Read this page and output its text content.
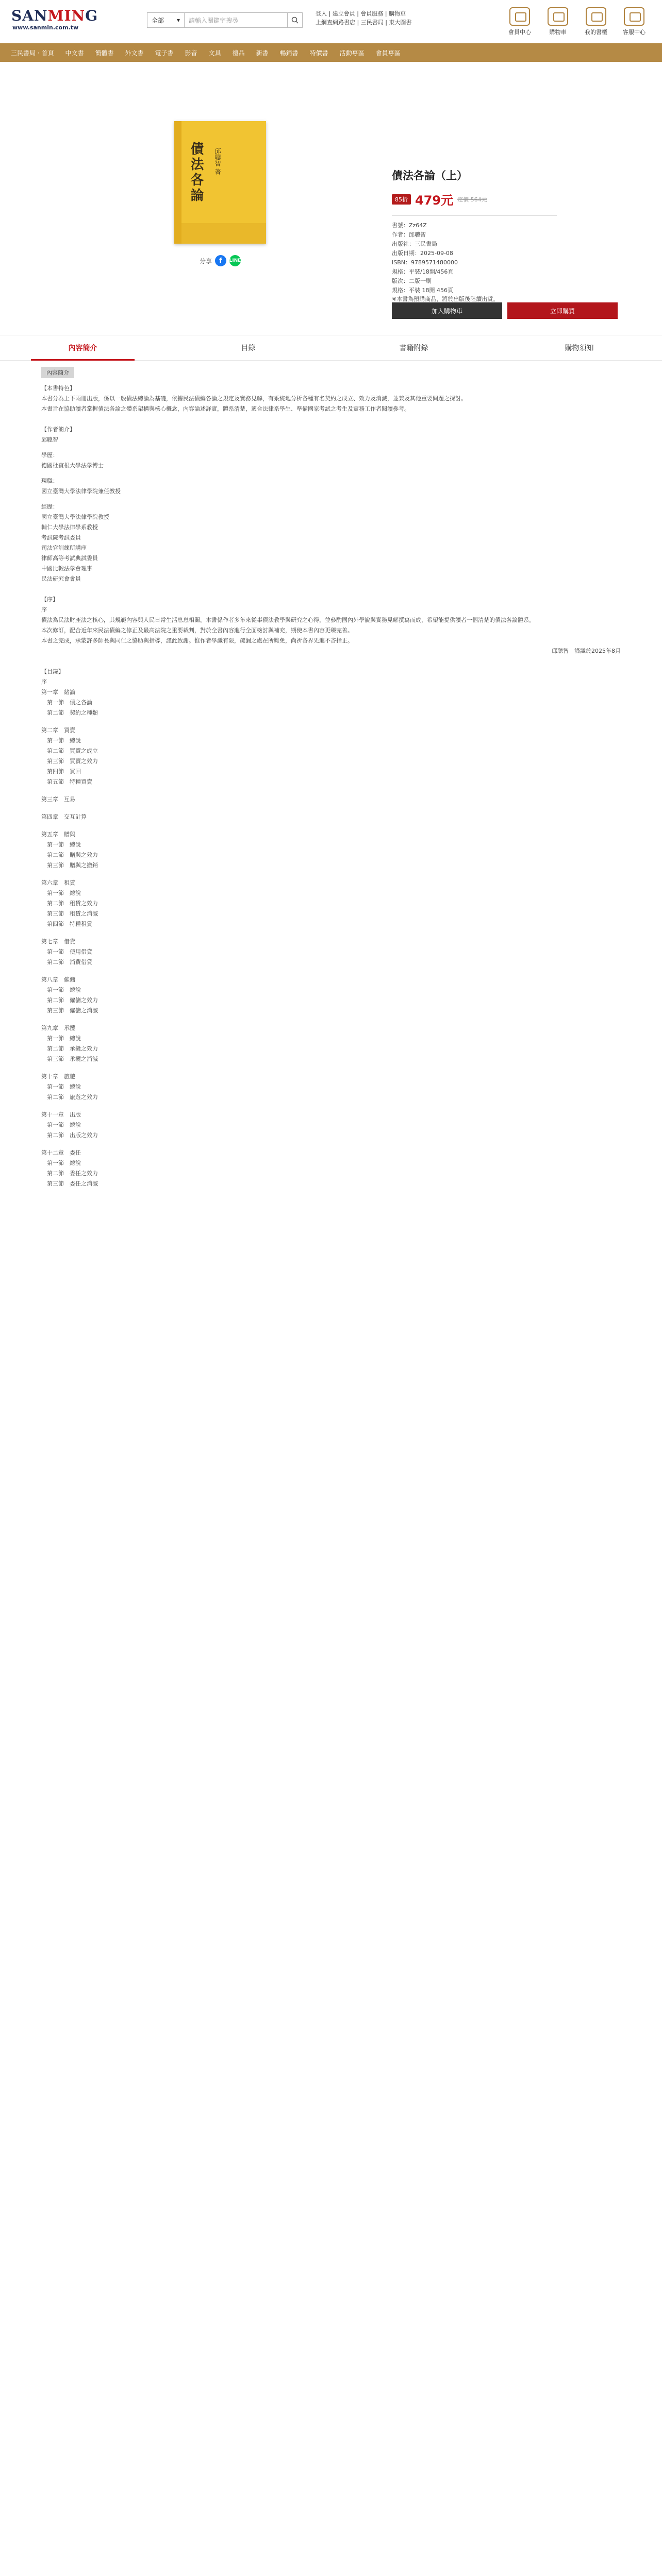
SAN MIN G
www.sanmin.com.tw
全部 ▾	請輸入關鍵字搜尋
登入 | 建立會員 | 會員服務 | 購物車
上網查網路書店 | 三民書局 | 東大圖書
會員中心	購物車	我的書櫃	客服中心
三民書局 · 首頁	中文書	簡體書	外文書	電子書	影音	文具	禮品	新書	暢銷書	特價書	活動專區	會員專區
債法各論	邱聰智 著
分享	f	LINE
債法各論（上）
85折 479元 定價 564元
書號：Zz64Z
作者：邱聰智
出版社：三民書局
出版日期：2025-09-08
ISBN：9789571480000
規格：平裝/18開/456頁
版次：二版一刷
規格：平裝 18開 456頁
※本書為預購商品，將於出版後陸續出貨。
加入購物車	立即購買
內容簡介	目錄	書籍附錄	購物須知
內容簡介
【本書特色】
本書分為上下兩冊出版，係以一般債法總論為基礎，依據民法債編各論之規定及實務見解，有系統地分析各種有名契約之成立、效力及消滅，並兼及其他重要問題之探討。
本書旨在協助讀者掌握債法各論之體系架構與核心概念，內容論述詳實，體系清楚，適合法律系學生、準備國家考試之考生及實務工作者閱讀參考。
【作者簡介】
邱聰智
學歷：
德國杜賓根大學法學博士
現職：
國立臺灣大學法律學院兼任教授
經歷：
國立臺灣大學法律學院教授
輔仁大學法律學系教授
考試院考試委員
司法官訓練所講座
律師高等考試典試委員
中國比較法學會理事
民法研究會會員
【序】
序
債法為民法財產法之核心，其規範內容與人民日常生活息息相關。本書係作者多年來從事債法教學與研究之心得，並參酌國內外學說與實務見解撰寫而成，希望能提供讀者一個清楚的債法各論體系。
本次修訂，配合近年來民法債編之修正及最高法院之重要裁判，對於全書內容進行全面檢討與補充，期使本書內容更臻完善。
本書之完成，承蒙許多師長與同仁之協助與指導，謹此致謝。惟作者學識有限，疏漏之處在所難免，尚祈各界先進不吝指正。
邱聰智　謹識於2025年8月
【目錄】
序
第一章　緒論
　第一節　債之各論
　第二節　契約之種類
第二章　買賣
　第一節　總說
　第二節　買賣之成立
　第三節　買賣之效力
　第四節　買回
　第五節　特種買賣
第三章　互易
第四章　交互計算
第五章　贈與
　第一節　總說
　第二節　贈與之效力
　第三節　贈與之撤銷
第六章　租賃
　第一節　總說
　第二節　租賃之效力
　第三節　租賃之消滅
　第四節　特種租賃
第七章　借貸
　第一節　使用借貸
　第二節　消費借貸
第八章　僱傭
　第一節　總說
　第二節　僱傭之效力
　第三節　僱傭之消滅
第九章　承攬
　第一節　總說
　第二節　承攬之效力
　第三節　承攬之消滅
第十章　旅遊
　第一節　總說
　第二節　旅遊之效力
第十一章　出版
　第一節　總說
　第二節　出版之效力
第十二章　委任
　第一節　總說
　第二節　委任之效力
　第三節　委任之消滅
